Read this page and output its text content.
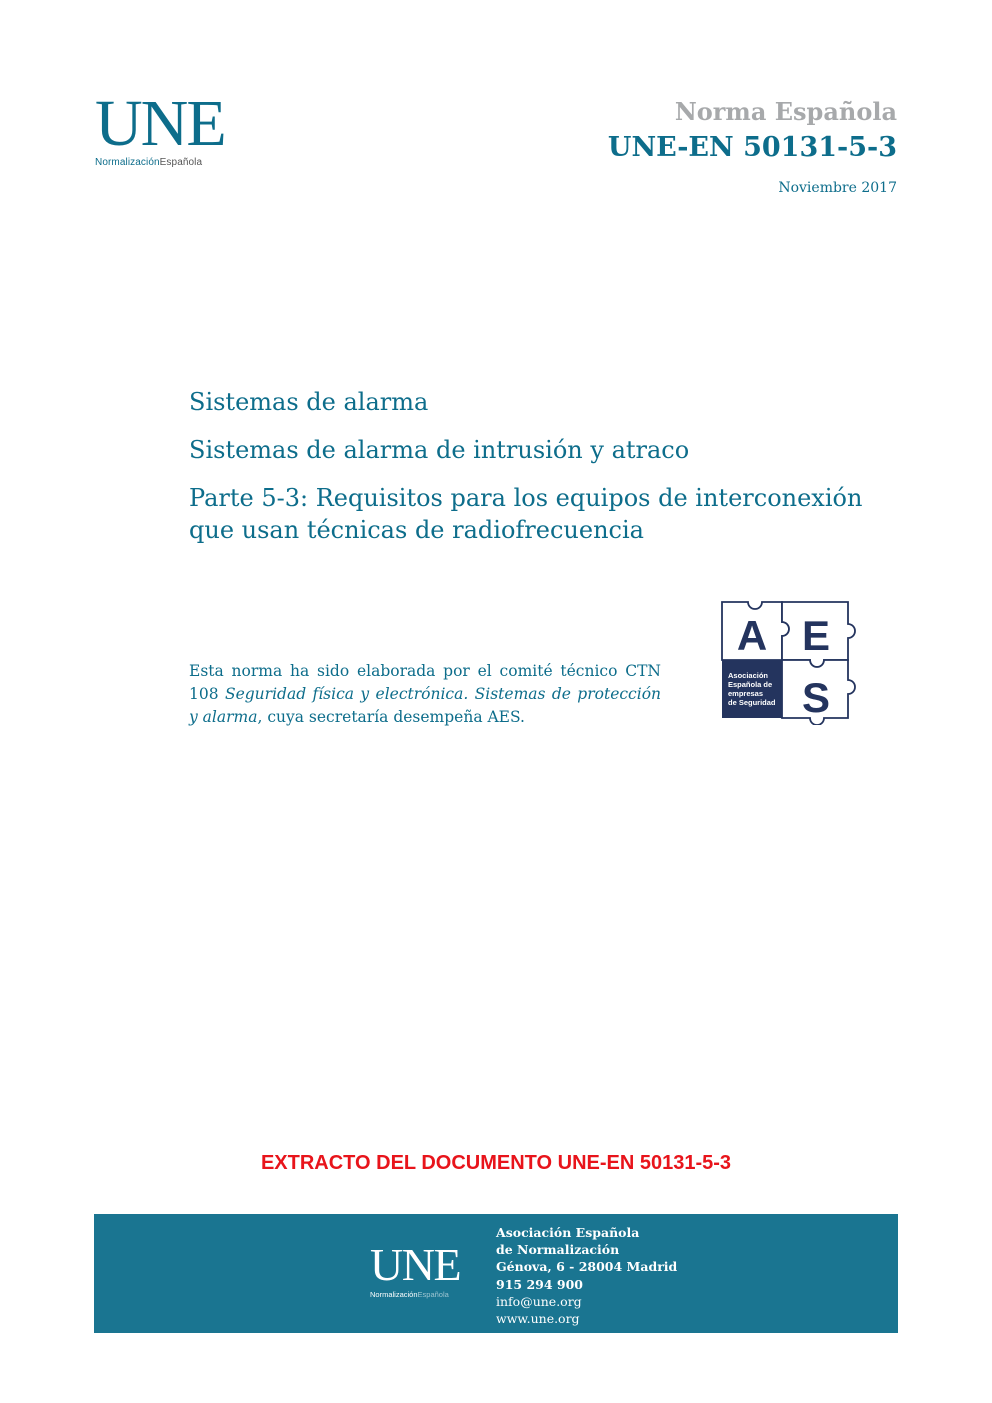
UNE
NormalizaciónEspañola
Norma Española
UNE-EN 50131-5-3
Noviembre 2017
Sistemas de alarma
Sistemas de alarma de intrusión y atraco
Parte 5-3: Requisitos para los equipos de interconexión
que usan técnicas de radiofrecuencia
Esta norma ha sido elaborada por el comité técnico CTN 108 Seguridad física y electrónica. Sistemas de protección y alarma, cuya secretaría desempeña AES.
A E
S
Asociación
Española de
empresas
de Seguridad
EXTRACTO DEL DOCUMENTO UNE-EN 50131-5-3
UNE
NormalizaciónEspañola
Asociación Española
de Normalización
Génova, 6 - 28004 Madrid
915 294 900
info@une.org
www.une.org
